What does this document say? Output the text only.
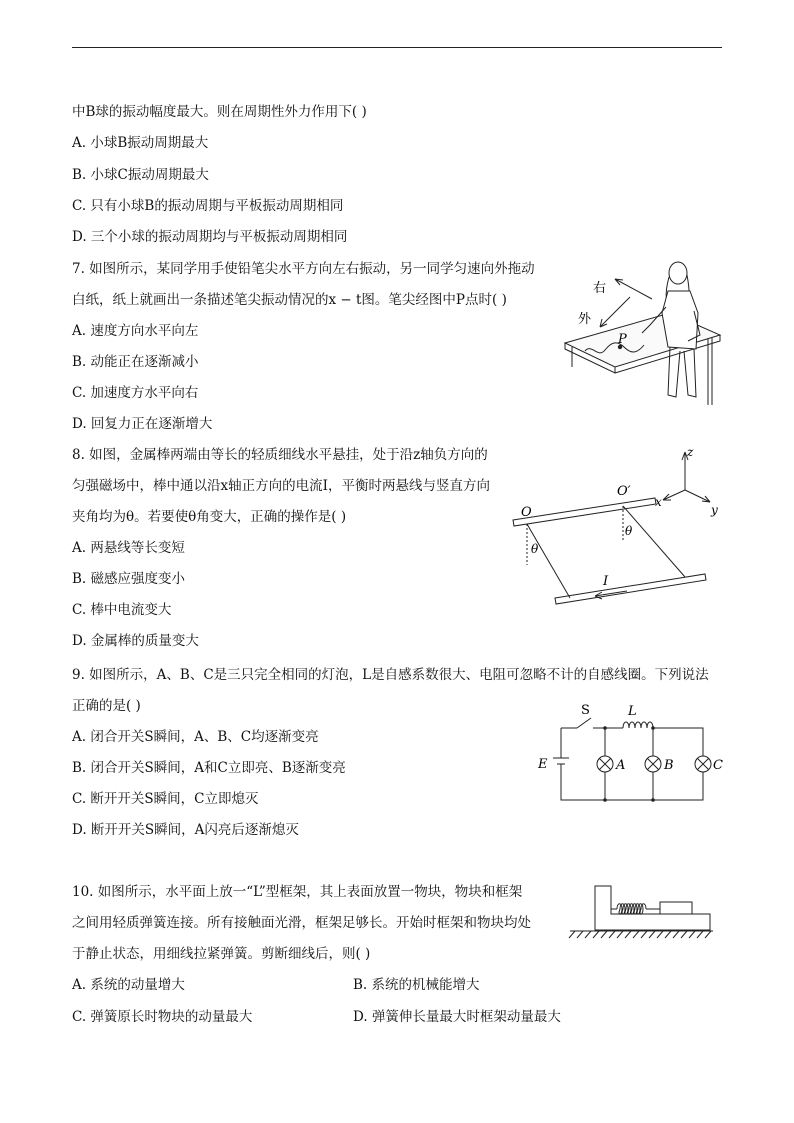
中B球的振动幅度最大。则在周期性外力作用下( )
A. 小球B振动周期最大
B. 小球C振动周期最大
C. 只有小球B的振动周期与平板振动周期相同
D. 三个小球的振动周期均与平板振动周期相同
7. 如图所示，某同学用手使铅笔尖水平方向左右振动，另一同学匀速向外拖动
白纸，纸上就画出一条描述笔尖振动情况的x − t图。笔尖经图中P点时( )
A. 速度方向水平向左
B. 动能正在逐渐减小
C. 加速度方水平向右
D. 回复力正在逐渐增大
右
外
P
8. 如图，金属棒两端由等长的轻质细线水平悬挂，处于沿z轴负方向的
匀强磁场中，棒中通以沿x轴正方向的电流I，平衡时两悬线与竖直方向
夹角均为θ。若要使θ角变大，正确的操作是( )
A. 两悬线等长变短
B. 磁感应强度变小
C. 棒中电流变大
D. 金属棒的质量变大
z
x
y
O
O′
θ
θ
I
9. 如图所示，A、B、C是三只完全相同的灯泡，L是自感系数很大、电阻可忽略不计的自感线圈。下列说法
正确的是( )
A. 闭合开关S瞬间，A、B、C均逐渐变亮
B. 闭合开关S瞬间，A和C立即亮、B逐渐变亮
C. 断开开关S瞬间，C立即熄灭
D. 断开开关S瞬间，A闪亮后逐渐熄灭
S	L
E	A	B	C
10. 如图所示，水平面上放一“L”型框架，其上表面放置一物块，物块和框架
之间用轻质弹簧连接。所有接触面光滑，框架足够长。开始时框架和物块均处
于静止状态，用细线拉紧弹簧。剪断细线后，则( )
A. 系统的动量增大	B. 系统的机械能增大
C. 弹簧原长时物块的动量最大	D. 弹簧伸长量最大时框架动量最大
